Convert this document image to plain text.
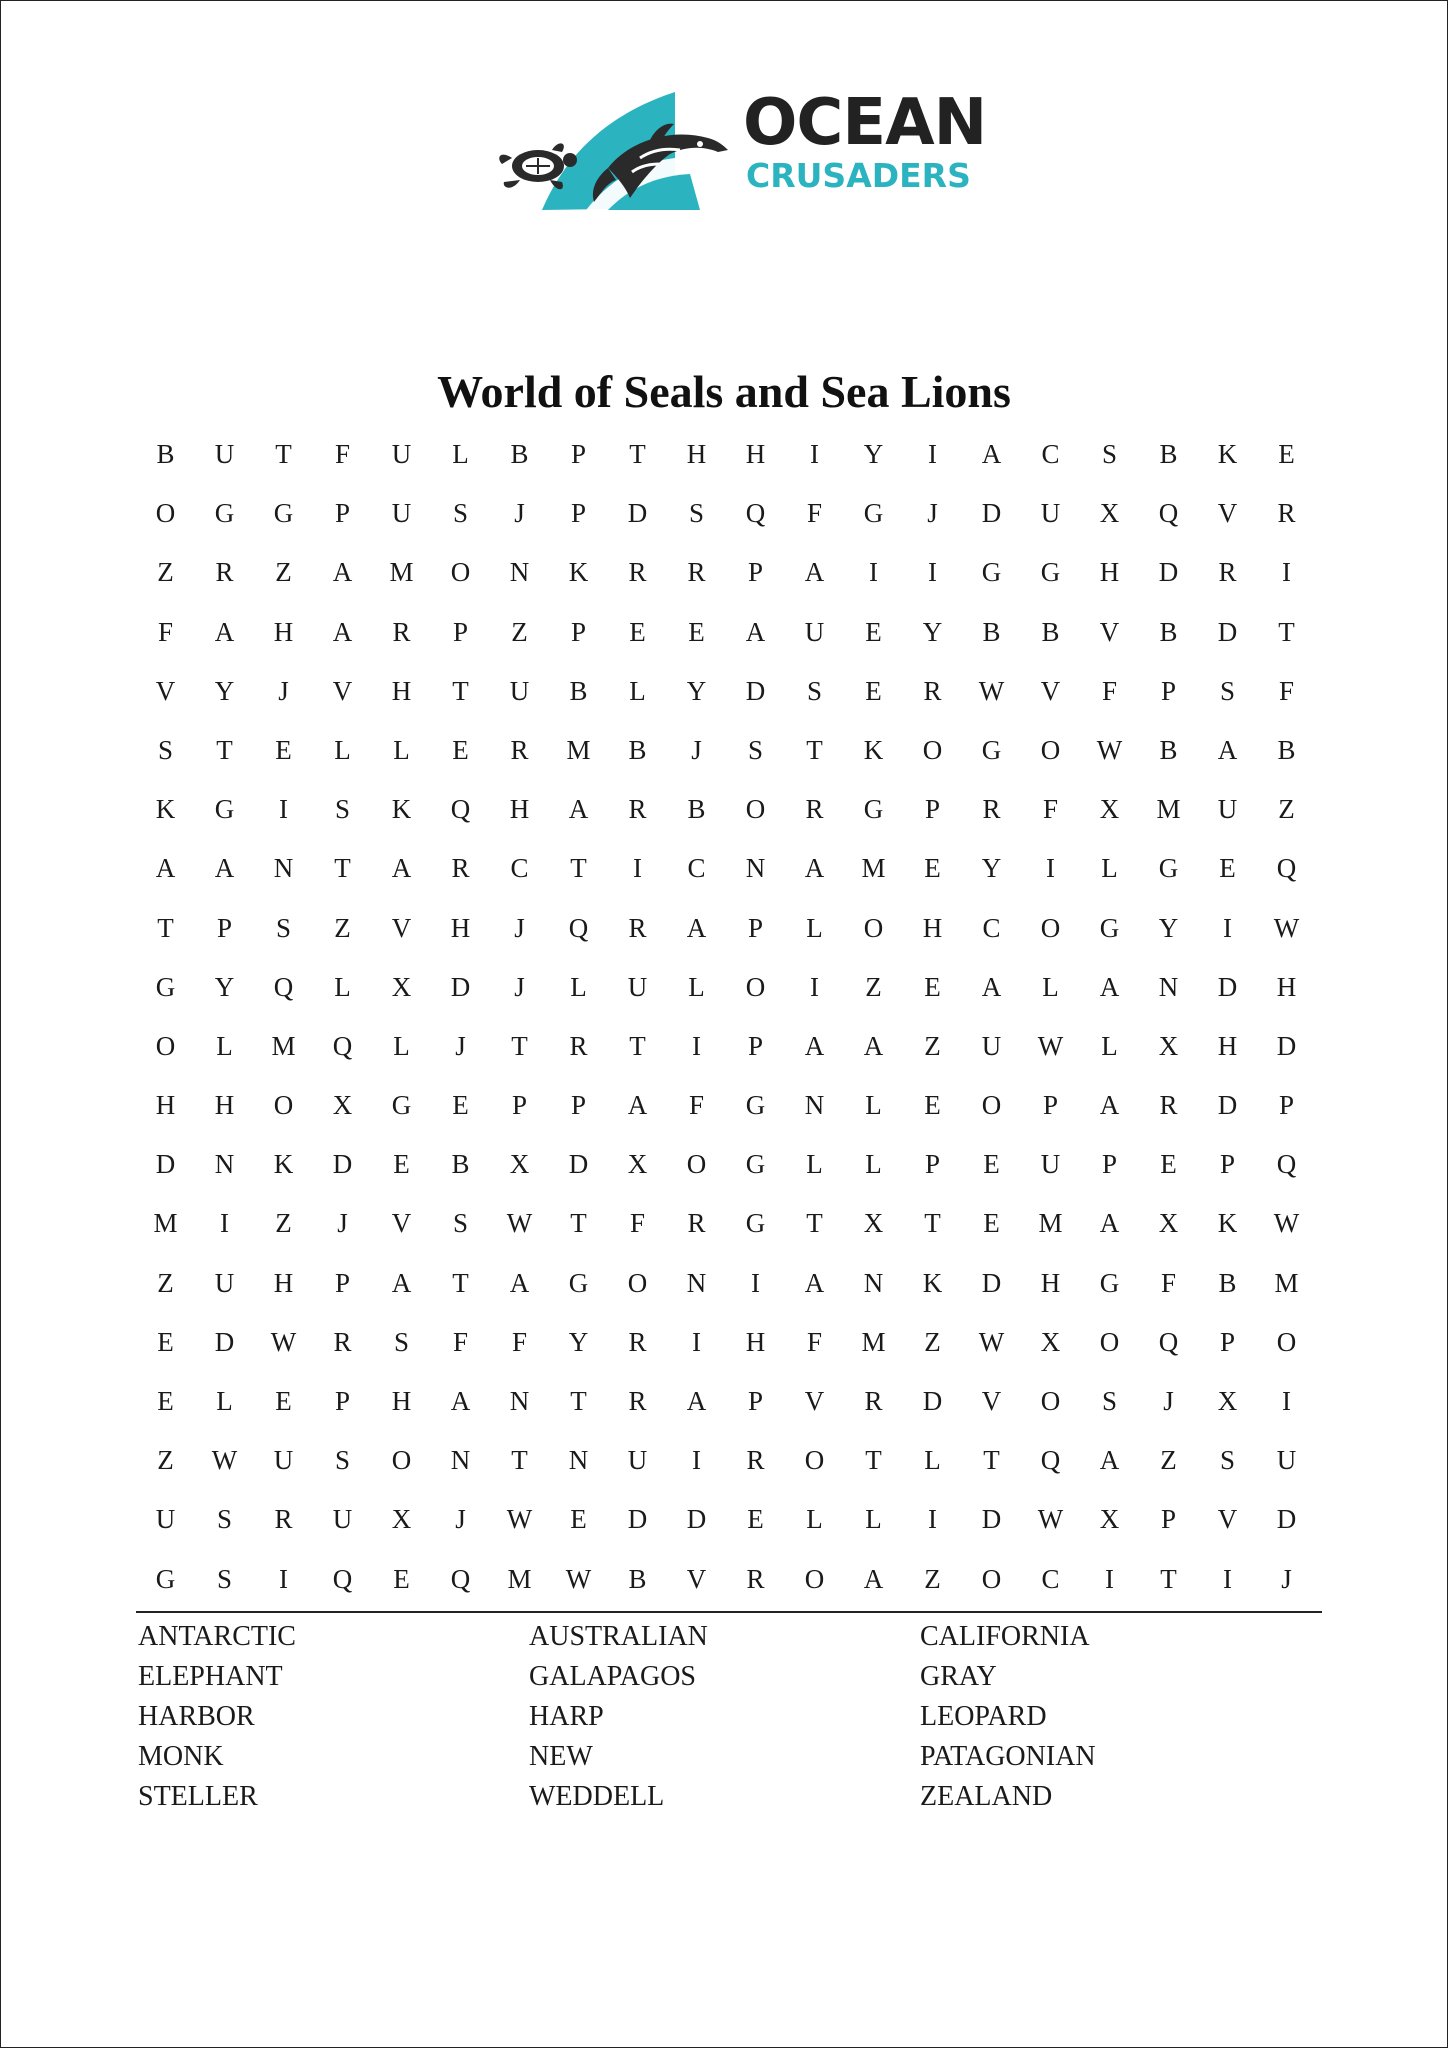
OCEAN
CRUSADERS
World of Seals and Sea Lions
B	U	T	F	U	L	B	P	T	H	H	I	Y	I	A	C	S	B	K	E
O	G	G	P	U	S	J	P	D	S	Q	F	G	J	D	U	X	Q	V	R
Z	R	Z	A	M	O	N	K	R	R	P	A	I	I	G	G	H	D	R	I
F	A	H	A	R	P	Z	P	E	E	A	U	E	Y	B	B	V	B	D	T
V	Y	J	V	H	T	U	B	L	Y	D	S	E	R	W	V	F	P	S	F
S	T	E	L	L	E	R	M	B	J	S	T	K	O	G	O	W	B	A	B
K	G	I	S	K	Q	H	A	R	B	O	R	G	P	R	F	X	M	U	Z
A	A	N	T	A	R	C	T	I	C	N	A	M	E	Y	I	L	G	E	Q
T	P	S	Z	V	H	J	Q	R	A	P	L	O	H	C	O	G	Y	I	W
G	Y	Q	L	X	D	J	L	U	L	O	I	Z	E	A	L	A	N	D	H
O	L	M	Q	L	J	T	R	T	I	P	A	A	Z	U	W	L	X	H	D
H	H	O	X	G	E	P	P	A	F	G	N	L	E	O	P	A	R	D	P
D	N	K	D	E	B	X	D	X	O	G	L	L	P	E	U	P	E	P	Q
M	I	Z	J	V	S	W	T	F	R	G	T	X	T	E	M	A	X	K	W
Z	U	H	P	A	T	A	G	O	N	I	A	N	K	D	H	G	F	B	M
E	D	W	R	S	F	F	Y	R	I	H	F	M	Z	W	X	O	Q	P	O
E	L	E	P	H	A	N	T	R	A	P	V	R	D	V	O	S	J	X	I
Z	W	U	S	O	N	T	N	U	I	R	O	T	L	T	Q	A	Z	S	U
U	S	R	U	X	J	W	E	D	D	E	L	L	I	D	W	X	P	V	D
G	S	I	Q	E	Q	M	W	B	V	R	O	A	Z	O	C	I	T	I	J
ANTARCTIC	AUSTRALIAN	CALIFORNIA
ELEPHANT	GALAPAGOS	GRAY
HARBOR	HARP	LEOPARD
MONK	NEW	PATAGONIAN
STELLER	WEDDELL	ZEALAND
